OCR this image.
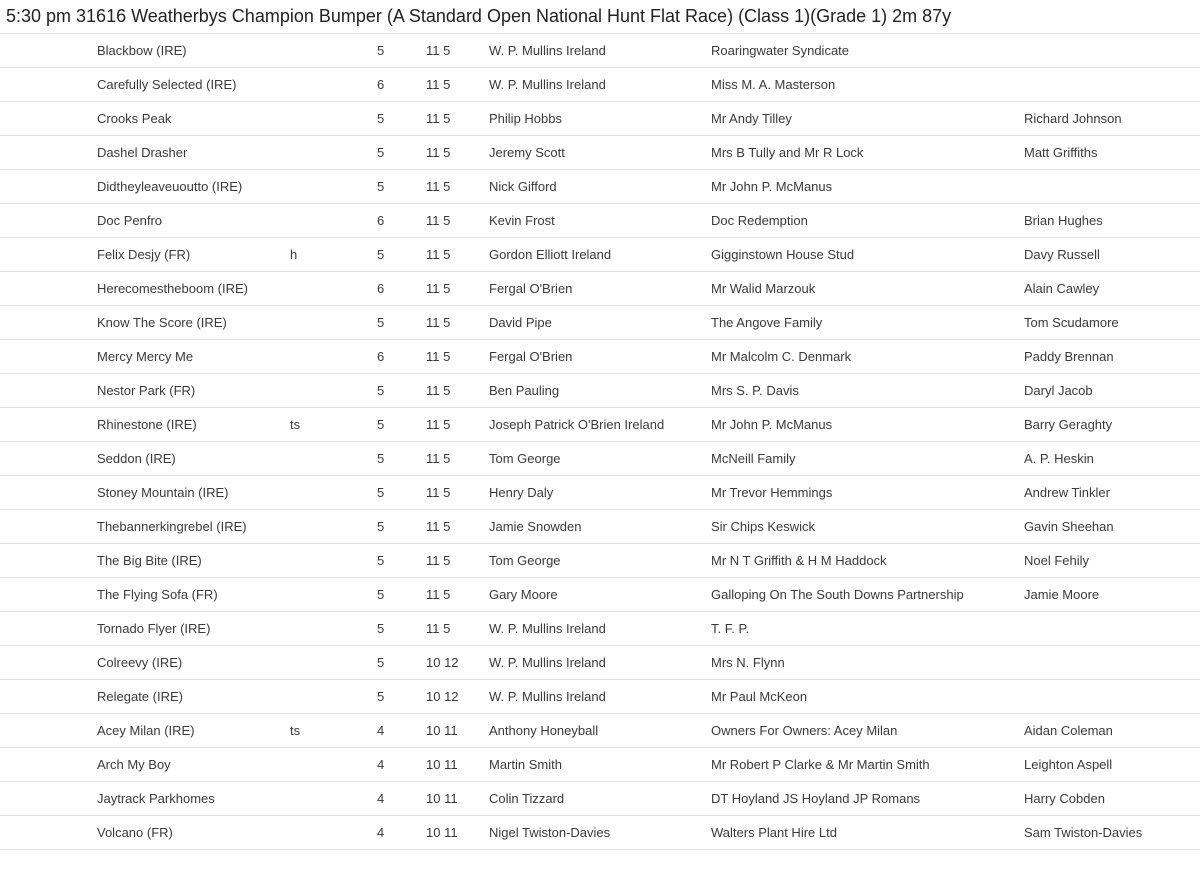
5:30 pm 31616 Weatherbys Champion Bumper (A Standard Open National Hunt Flat Race) (Class 1)(Grade 1) 2m 87y
	Blackbow (IRE)		5	11 5	W. P. Mullins Ireland	Roaringwater Syndicate	
	Carefully Selected (IRE)		6	11 5	W. P. Mullins Ireland	Miss M. A. Masterson	
	Crooks Peak		5	11 5	Philip Hobbs	Mr Andy Tilley	Richard Johnson
	Dashel Drasher		5	11 5	Jeremy Scott	Mrs B Tully and Mr R Lock	Matt Griffiths
	Didtheyleaveuoutto (IRE)		5	11 5	Nick Gifford	Mr John P. McManus	
	Doc Penfro		6	11 5	Kevin Frost	Doc Redemption	Brian Hughes
	Felix Desjy (FR)	h	5	11 5	Gordon Elliott Ireland	Gigginstown House Stud	Davy Russell
	Herecomestheboom (IRE)		6	11 5	Fergal O'Brien	Mr Walid Marzouk	Alain Cawley
	Know The Score (IRE)		5	11 5	David Pipe	The Angove Family	Tom Scudamore
	Mercy Mercy Me		6	11 5	Fergal O'Brien	Mr Malcolm C. Denmark	Paddy Brennan
	Nestor Park (FR)		5	11 5	Ben Pauling	Mrs S. P. Davis	Daryl Jacob
	Rhinestone (IRE)	ts	5	11 5	Joseph Patrick O'Brien Ireland	Mr John P. McManus	Barry Geraghty
	Seddon (IRE)		5	11 5	Tom George	McNeill Family	A. P. Heskin
	Stoney Mountain (IRE)		5	11 5	Henry Daly	Mr Trevor Hemmings	Andrew Tinkler
	Thebannerkingrebel (IRE)		5	11 5	Jamie Snowden	Sir Chips Keswick	Gavin Sheehan
	The Big Bite (IRE)		5	11 5	Tom George	Mr N T Griffith & H M Haddock	Noel Fehily
	The Flying Sofa (FR)		5	11 5	Gary Moore	Galloping On The South Downs Partnership	Jamie Moore
	Tornado Flyer (IRE)		5	11 5	W. P. Mullins Ireland	T. F. P.	
	Colreevy (IRE)		5	10 12	W. P. Mullins Ireland	Mrs N. Flynn	
	Relegate (IRE)		5	10 12	W. P. Mullins Ireland	Mr Paul McKeon	
	Acey Milan (IRE)	ts	4	10 11	Anthony Honeyball	Owners For Owners: Acey Milan	Aidan Coleman
	Arch My Boy		4	10 11	Martin Smith	Mr Robert P Clarke & Mr Martin Smith	Leighton Aspell
	Jaytrack Parkhomes		4	10 11	Colin Tizzard	DT Hoyland JS Hoyland JP Romans	Harry Cobden
	Volcano (FR)		4	10 11	Nigel Twiston-Davies	Walters Plant Hire Ltd	Sam Twiston-Davies
